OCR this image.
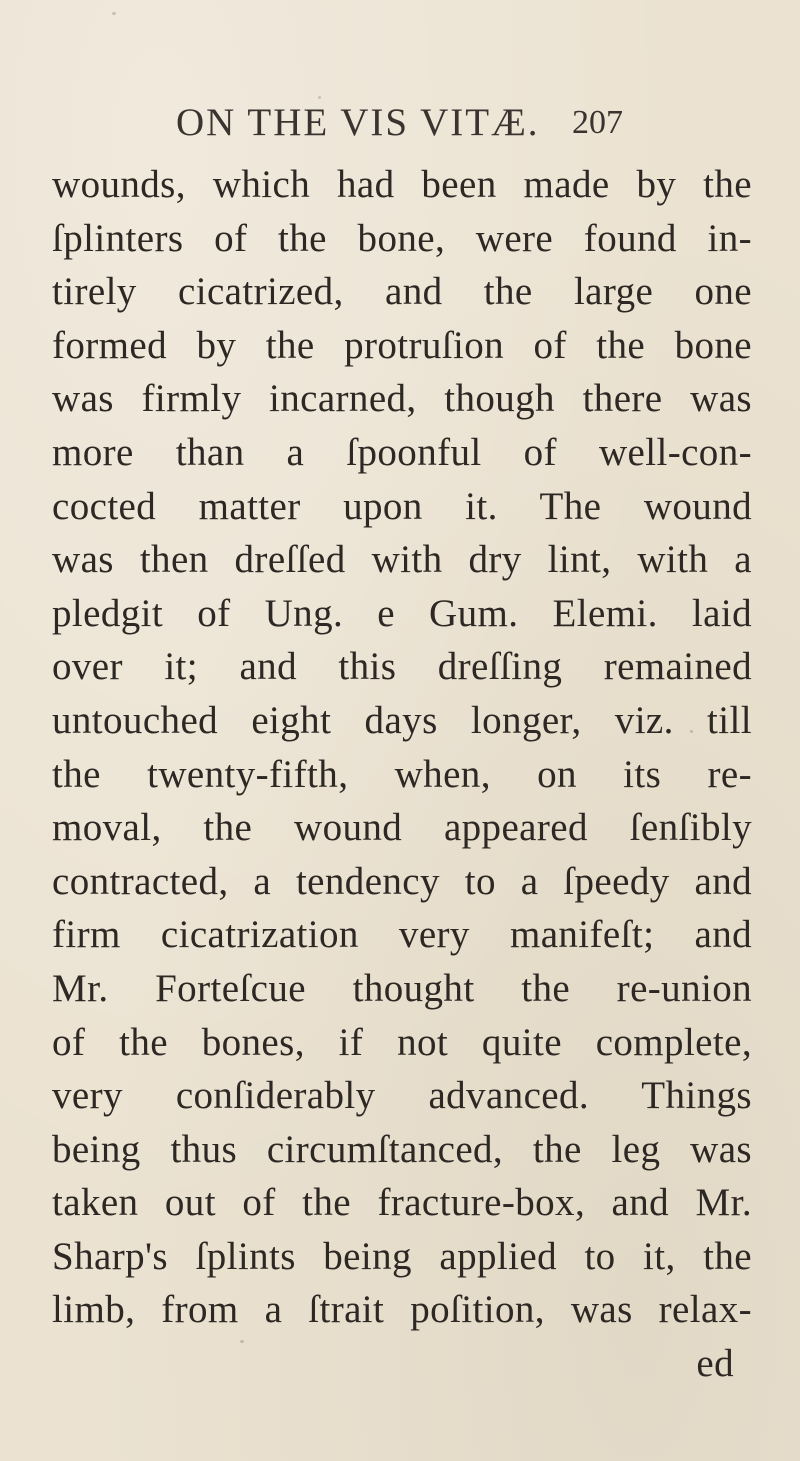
ON THE VIS VITÆ. 207
wounds, which had been made by the
ſplinters of the bone, were found in-
tirely cicatrized, and the large one
formed by the protruſion of the bone
was firmly incarned, though there was
more than a ſpoonful of well-con-
cocted matter upon it. The wound
was then dreſſed with dry lint, with a
pledgit of Ung. e Gum. Elemi. laid
over it; and this dreſſing remained
untouched eight days longer, viz. till
the twenty-fifth, when, on its re-
moval, the wound appeared ſenſibly
contracted, a tendency to a ſpeedy and
firm cicatrization very manifeſt; and
Mr. Forteſcue thought the re-union
of the bones, if not quite complete,
very conſiderably advanced. Things
being thus circumſtanced, the leg was
taken out of the fracture-box, and Mr.
Sharp's ſplints being applied to it, the
limb, from a ſtrait poſition, was relax-
ed
